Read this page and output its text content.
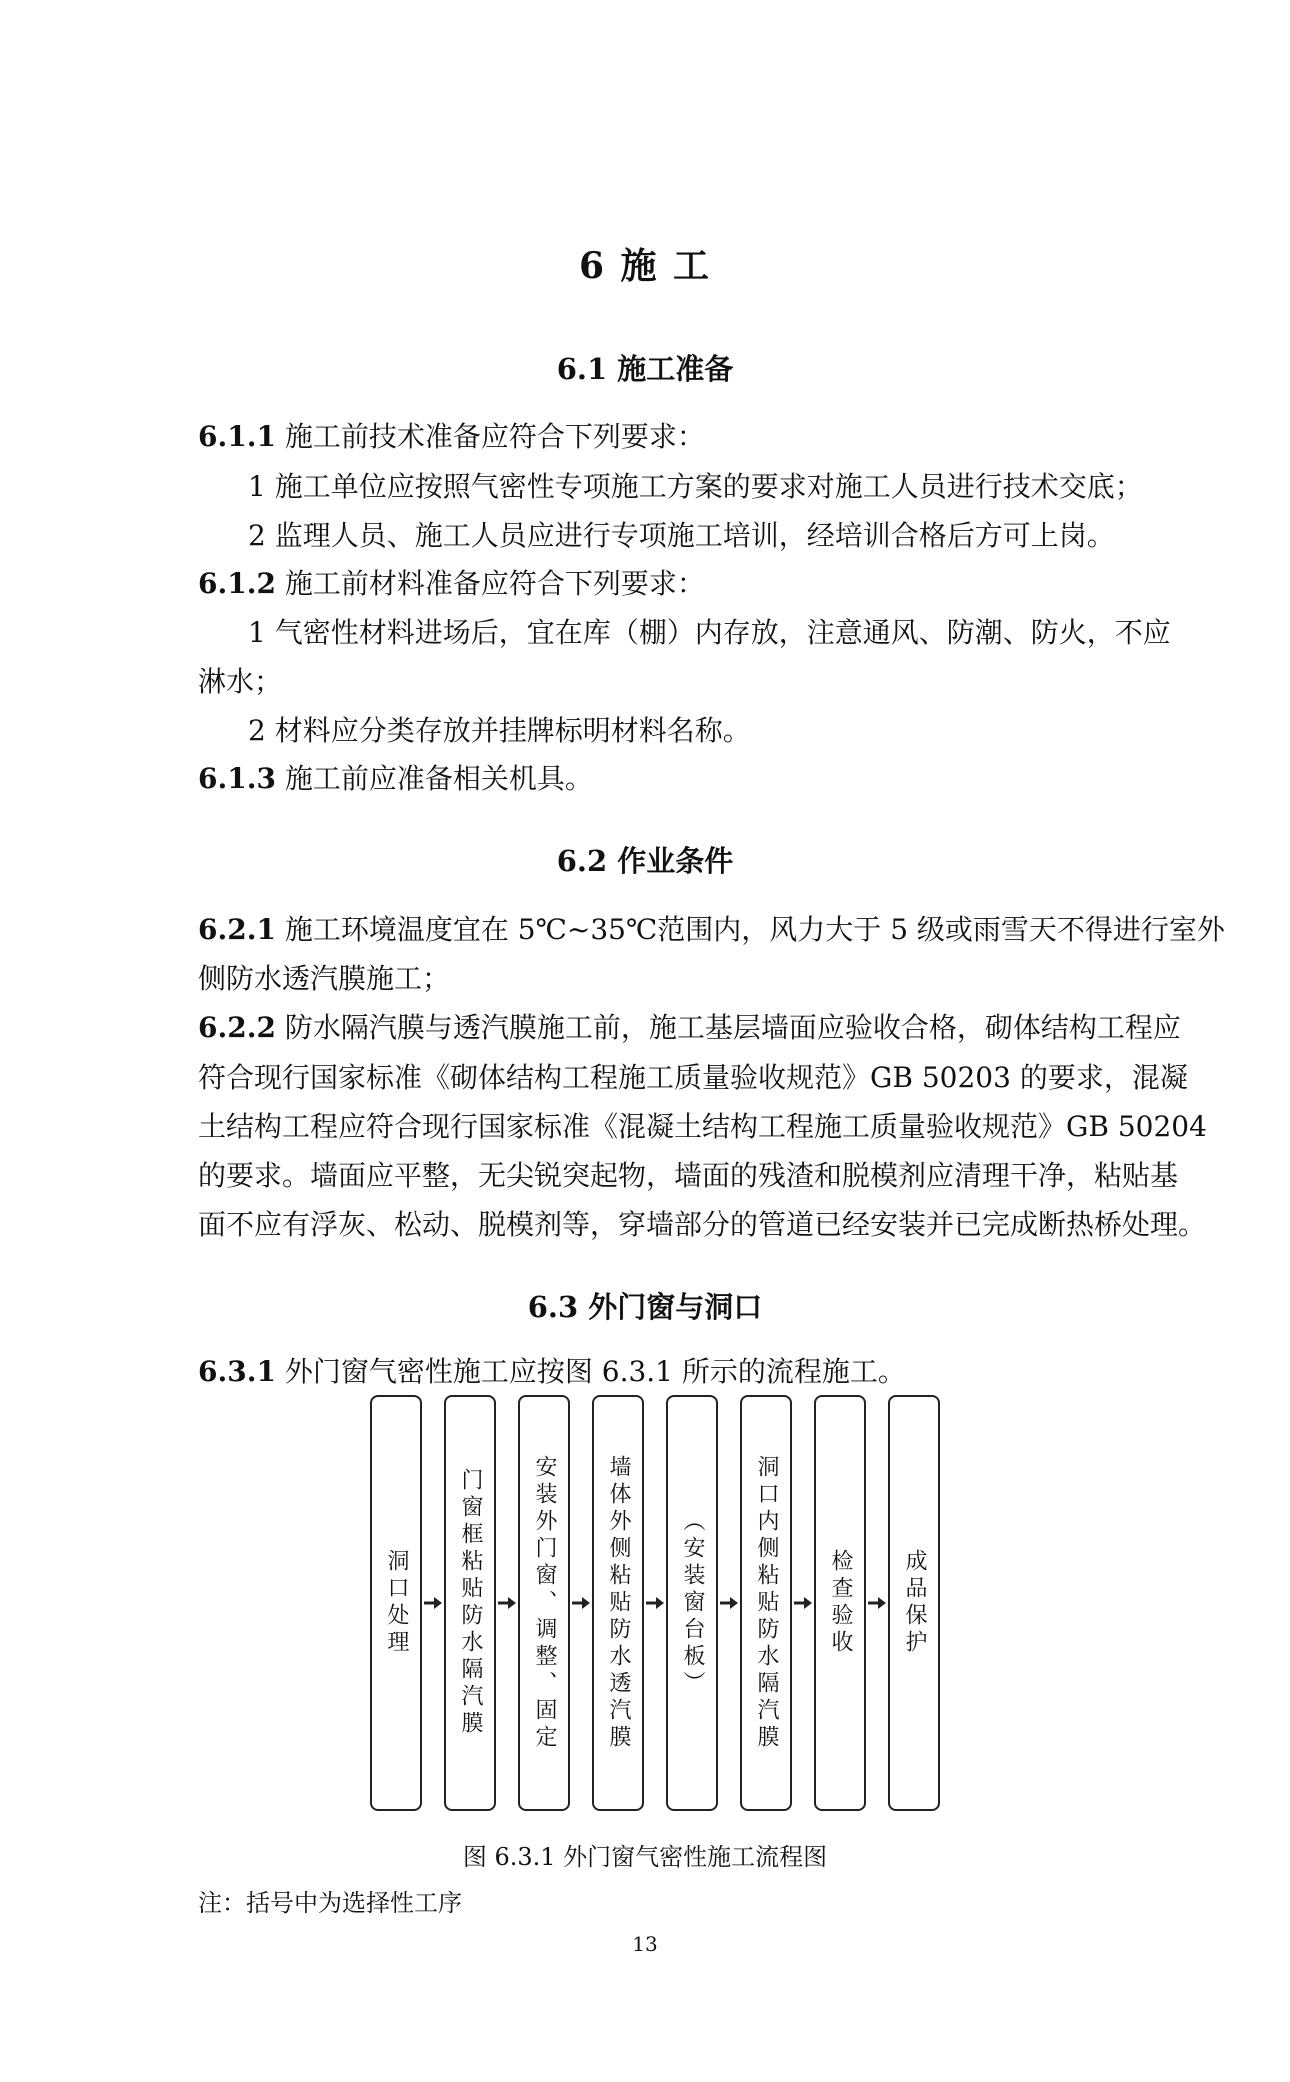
6 施 工
6.1 施工准备
6.1.1 施工前技术准备应符合下列要求：
1 施工单位应按照气密性专项施工方案的要求对施工人员进行技术交底；
2 监理人员、施工人员应进行专项施工培训，经培训合格后方可上岗。
6.1.2 施工前材料准备应符合下列要求：
1 气密性材料进场后，宜在库（棚）内存放，注意通风、防潮、防火，不应
淋水；
2 材料应分类存放并挂牌标明材料名称。
6.1.3 施工前应准备相关机具。
6.2 作业条件
6.2.1 施工环境温度宜在 5℃~35℃范围内，风力大于 5 级或雨雪天不得进行室外
侧防水透汽膜施工；
6.2.2 防水隔汽膜与透汽膜施工前，施工基层墙面应验收合格，砌体结构工程应
符合现行国家标准《砌体结构工程施工质量验收规范》GB 50203 的要求，混凝
土结构工程应符合现行国家标准《混凝土结构工程施工质量验收规范》GB 50204
的要求。墙面应平整，无尖锐突起物，墙面的残渣和脱模剂应清理干净，粘贴基
面不应有浮灰、松动、脱模剂等，穿墙部分的管道已经安装并已完成断热桥处理。
6.3 外门窗与洞口
6.3.1 外门窗气密性施工应按图 6.3.1 所示的流程施工。
洞口处理 门窗框粘贴防水隔汽膜 安装外门窗、调整、固定 墙体外侧粘贴防水透汽膜 （安装窗台板） 洞口内侧粘贴防水隔汽膜 检查验收 成品保护
图 6.3.1 外门窗气密性施工流程图
注：括号中为选择性工序
13
